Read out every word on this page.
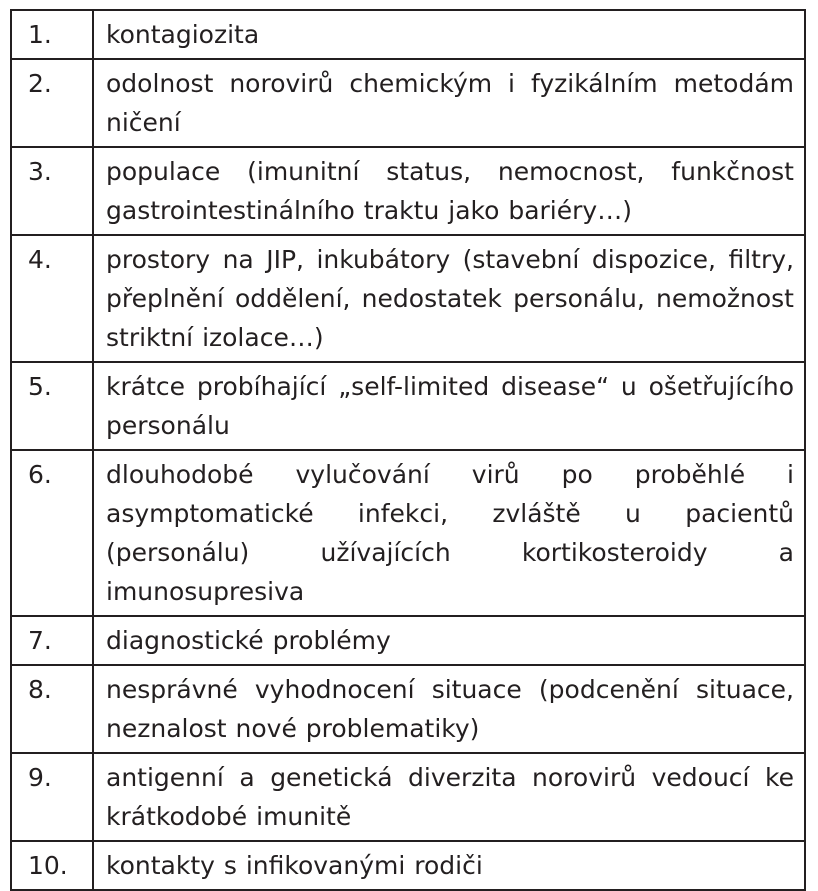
1.	kontagiozita
2.	odolnost norovirů chemickým i fyzikálním metodám ničení
3.	populace (imunitní status, nemocnost, funkčnost gastrointestinálního traktu jako bariéry…)
4.	prostory na JIP, inkubátory (stavební dispozice, filtry, přeplnění oddělení, nedostatek personálu, nemožnost striktní izolace…)
5.	krátce probíhající „self-limited disease“ u ošetřujícího personálu
6.	dlouhodobé vylučování virů po proběhlé i asymptomatické infekci, zvláště u pacientů (personálu) užívajících kortikosteroidy a imunosupresiva
7.	diagnostické problémy
8.	nesprávné vyhodnocení situace (podcenění situace, neznalost nové problematiky)
9.	antigenní a genetická diverzita norovirů vedoucí ke krátkodobé imunitě
10.	kontakty s infikovanými rodiči
